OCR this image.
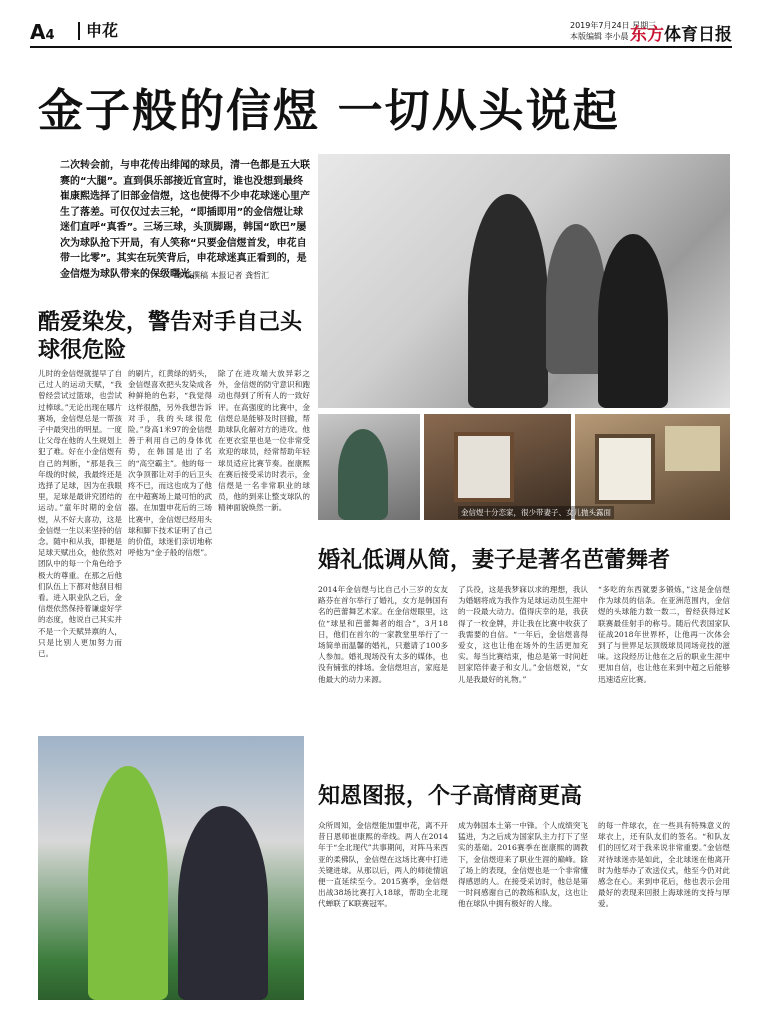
A4	申花	2019年7月24日 星期三
本版编辑 李小晨 东方体育日报
金子般的信煜 一切从头说起
二次转会前，与申花传出绯闻的球员，清一色都是五大联赛的“大腿”。直到俱乐部接近官宣时，谁也没想到最终崔康熙选择了旧部金信煜，这也使得不少申花球迷心里产生了落差。可仅仅过去三轮，“即插即用”的金信煜让球迷们直呼“真香”。三场三球，头顶脚踢，韩国“欧巴”屡次为球队抢下开局，有人笑称“只要金信煜首发，申花自带一比零”。其实在玩笑背后，申花球迷真正看到的，是金信煜为球队带来的保级曙光。
本版撰稿 本报记者 龚哲汇
金信煜十分恋家，很少带妻子、女儿抛头露面
酷爱染发，警告对手自己头球很危险
儿时的金信煜就提早了自己过人的运动天赋，“我曾经尝试过篮球，也尝试过棒球。”无论出现在哪片赛场，金信煜总是一帮孩子中最突出的明星。一度让父母在他的人生规划上犯了难。好在小金信煜有自己的判断，“那是我三年级的时候，我最终还是选择了足球，因为在我眼里，足球是最讲究团结的运动。”童年时期的金信煜，从不好大喜功，这是金信煜一生以来坚持的信念。随中和从我，即便是足球天赋出众，他依然对团队中的每一个角色给予极大的尊重。在那之后他们队伍上下都对他刮目相看。进入职业队之后，金信煜依然保持着谦虚好学的态度，他说自己其实并不是一个天赋异禀的人，只是比别人更加努力而已。
的刷片，红黄绿的奶头，金信煜喜欢把头发染成各种鲜艳的色彩，“我觉得这样很酷，另外我想告诉对手，我的头球很危险。”身高1米97的金信煜善于利用自己的身体优势，在韩国是出了名的“高空霸主”。他的每一次争顶都让对手的后卫头疼不已，而这也成为了他在中超赛场上最可怕的武器。在加盟申花后的三场比赛中，金信煜已经用头球和脚下技术证明了自己的价值，球迷们亲切地称呼他为“金子般的信煜”。
除了在进攻端大放异彩之外，金信煜的防守意识和跑动也得到了所有人的一致好评。在高强度的比赛中，金信煜总是能够及时回撤，帮助球队化解对方的进攻。他在更衣室里也是一位非常受欢迎的球员，经常帮助年轻球员适应比赛节奏。崔康熙在赛后接受采访时表示，金信煜是一名非常职业的球员，他的到来让整支球队的精神面貌焕然一新。
婚礼低调从简，妻子是著名芭蕾舞者
2014年金信煜与比自己小三岁的女友路芬在首尔举行了婚礼，女方是韩国有名的芭蕾舞艺术家。在金信煜眼里，这位“球星和芭蕾舞者的组合”，3月18日，他们在首尔的一家教堂里举行了一场简单而温馨的婚礼，只邀请了100多人参加。婚礼现场没有太多的媒体，也没有铺张的排场。金信煜坦言，家庭是他最大的动力来源。
了兵役，这是我梦寐以求的理想，我认为婚姻将成为我作为足球运动员生涯中的一段最大动力。值得庆幸的是，我获得了一枚金牌，并让我在比赛中收获了我需要的自信。“一年后，金信煜喜得爱女，这也让他在场外的生活更加充实。每当比赛结束，他总是第一时间赶回家陪伴妻子和女儿。”金信煜说，“女儿是我最好的礼物。”
“多吃的东西就要多锻炼，”这是金信煜作为球员的信条。在亚洲范围内，金信煜的头球能力数一数二，曾经获得过K联赛最佳射手的称号。随后代表国家队征战2018年世界杯，让他再一次体会到了与世界足坛顶级球员同场竞技的滋味。这段经历让他在之后的职业生涯中更加自信，也让他在来到中超之后能够迅速适应比赛。
知恩图报，个子高情商更高
众所周知，金信煜能加盟申花，离不开昔日恩师崔康熙的牵线。两人在2014年于“全北现代”共事期间，对阵马来西亚的柔佛队，金信煜在这场比赛中打进关键进球。从那以后，两人的师徒情谊便一直延续至今。2015赛季，金信煜出战38场比赛打入18球，帮助全北现代蝉联了K联赛冠军。
成为韩国本土第一中锋。个人成绩突飞猛进，为之后成为国家队主力打下了坚实的基础。2016赛季在崔康熙的调教下，金信煜迎来了职业生涯的巅峰。除了场上的表现，金信煜也是一个非常懂得感恩的人。在接受采访时，他总是第一时间感谢自己的教练和队友，这也让他在球队中拥有极好的人缘。
的每一件球衣，在一些具有特殊意义的球衣上，还有队友们的签名。“和队友们的回忆对于我来说非常重要。”金信煜对待球迷亦是如此，全北球迷在他离开时为他举办了欢送仪式，他至今仍对此感念在心。来到申花后，他也表示会用最好的表现来回报上海球迷的支持与厚爱。
